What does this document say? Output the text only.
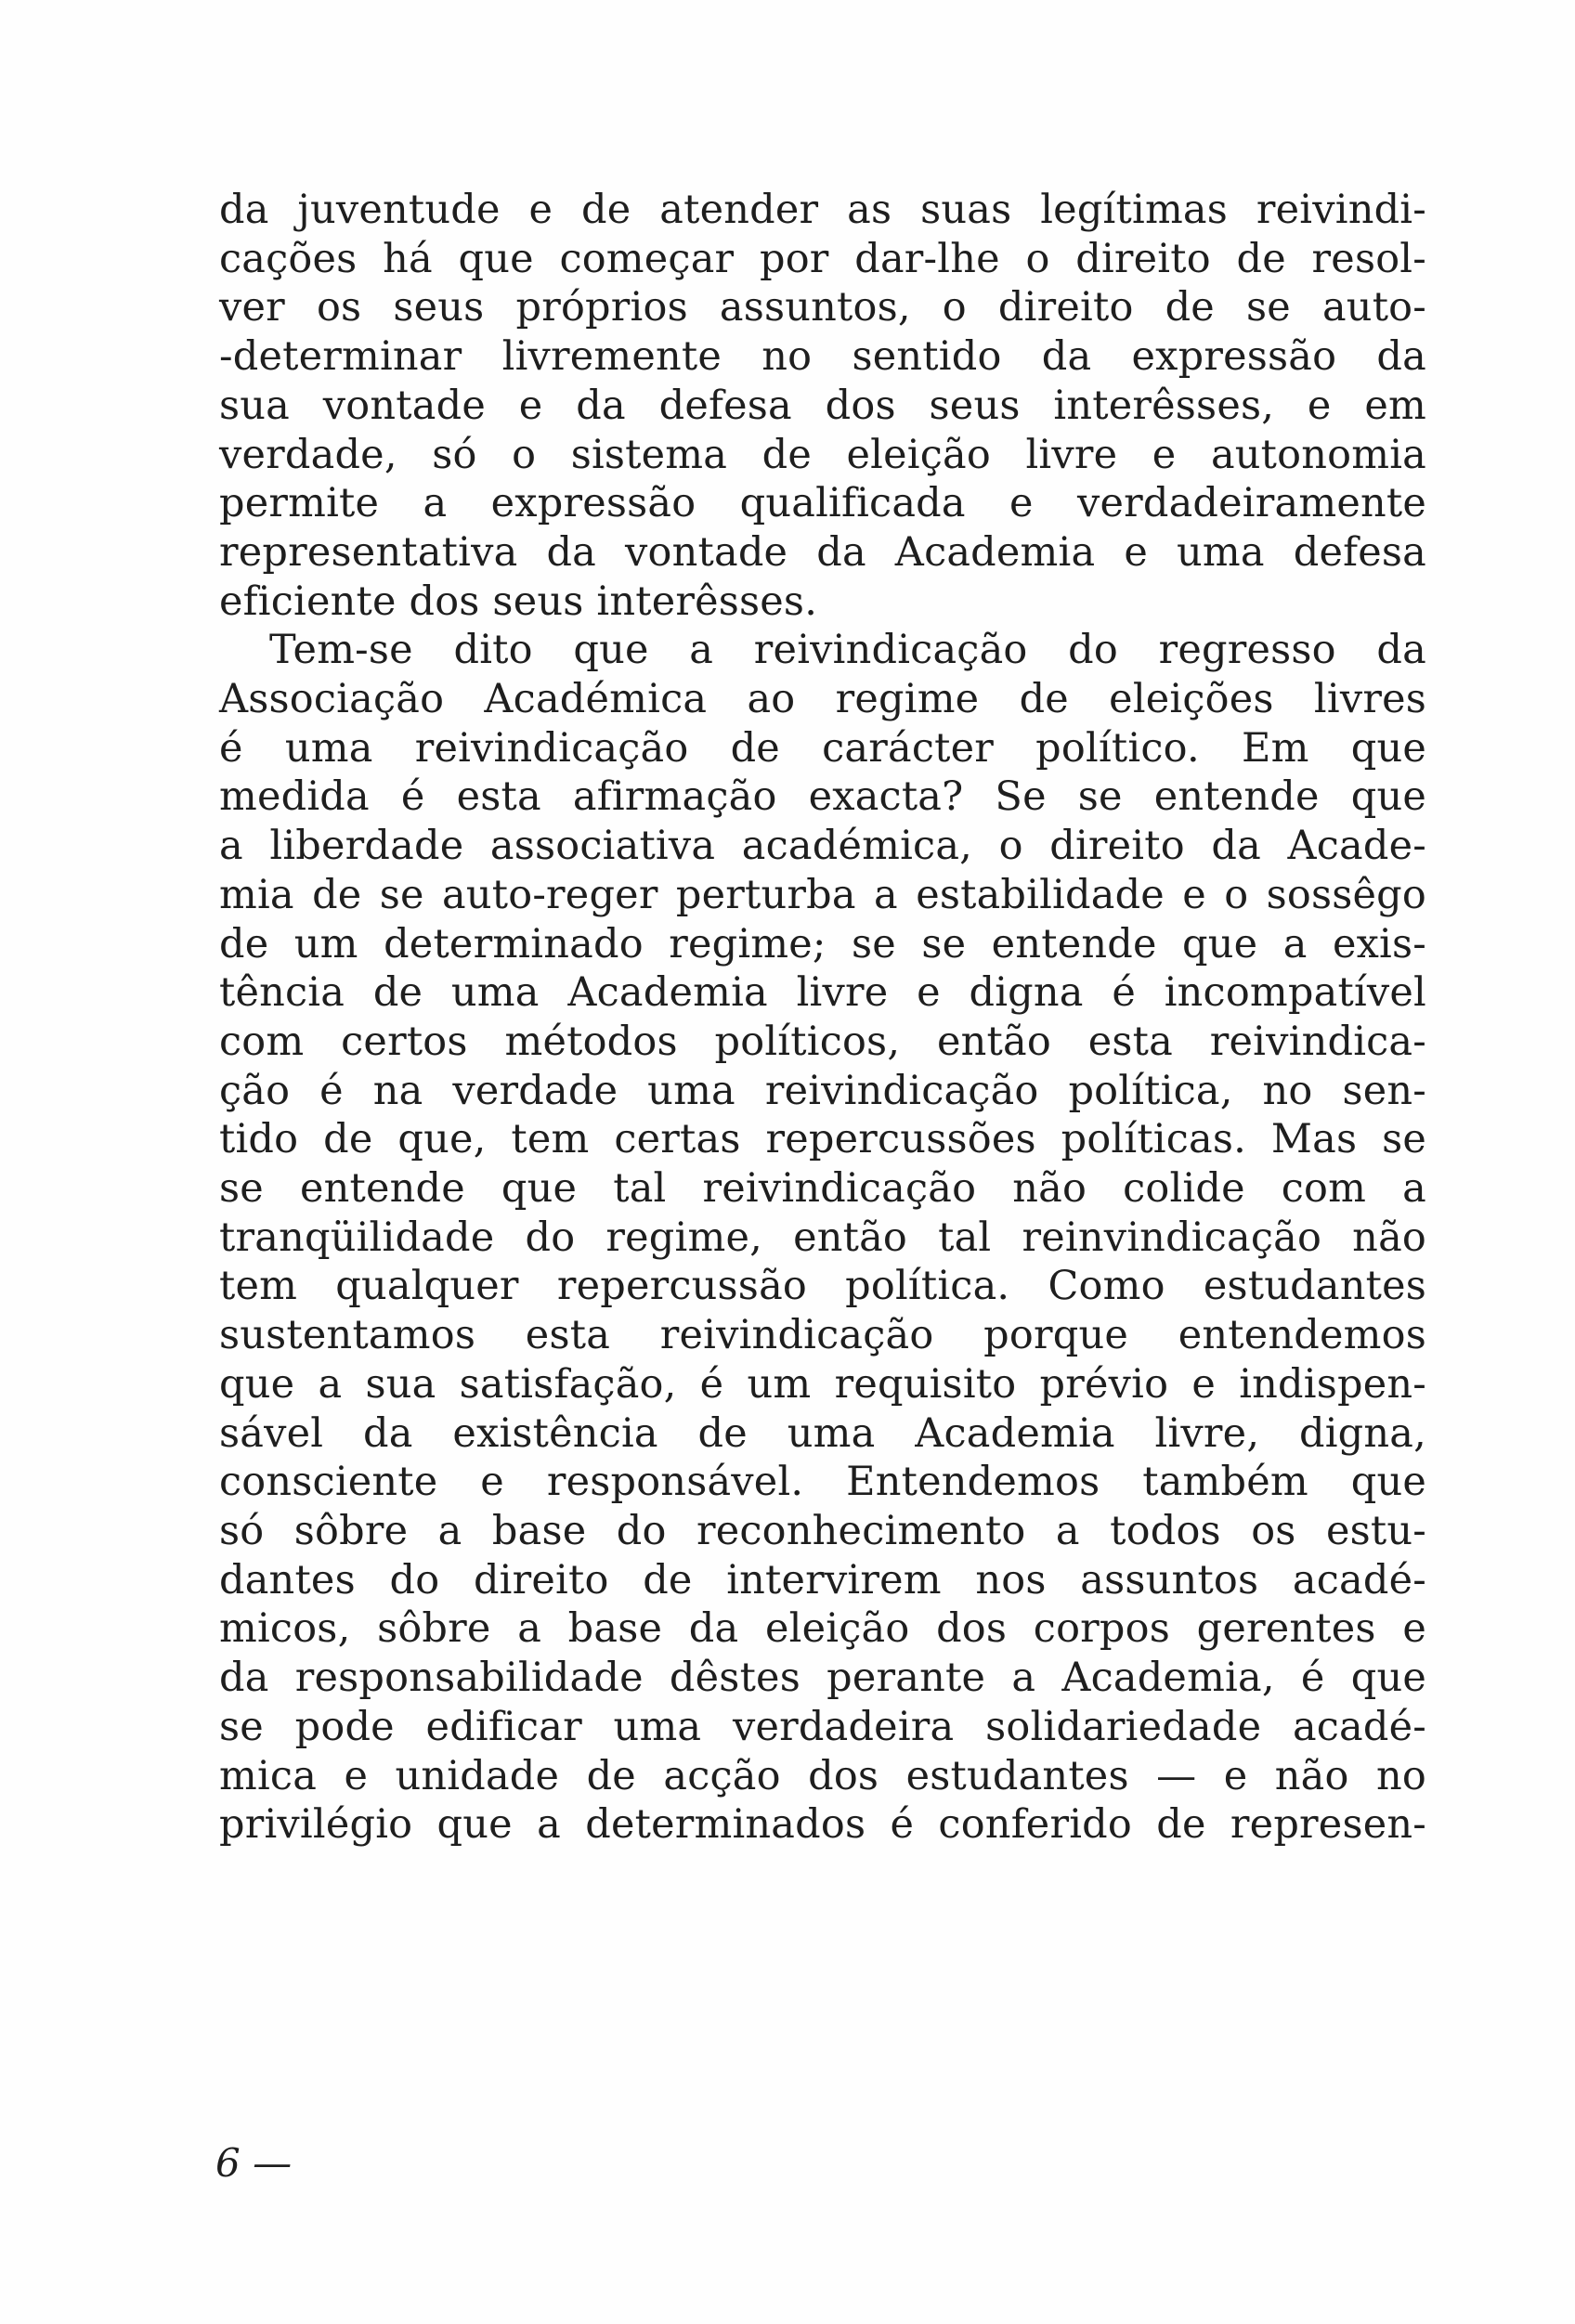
da juventude e de atender as suas legítimas reivindi-
cações há que começar por dar-lhe o direito de resol-
ver os seus próprios assuntos, o direito de se auto-
-determinar livremente no sentido da expressão da
sua vontade e da defesa dos seus interêsses, e em
verdade, só o sistema de eleição livre e autonomia
permite a expressão qualificada e verdadeiramente
representativa da vontade da Academia e uma defesa
eficiente dos seus interêsses.
Tem-se dito que a reivindicação do regresso da
Associação Académica ao regime de eleições livres
é uma reivindicação de carácter político. Em que
medida é esta afirmação exacta? Se se entende que
a liberdade associativa académica, o direito da Acade-
mia de se auto-reger perturba a estabilidade e o sossêgo
de um determinado regime; se se entende que a exis-
tência de uma Academia livre e digna é incompatível
com certos métodos políticos, então esta reivindica-
ção é na verdade uma reivindicação política, no sen-
tido de que, tem certas repercussões políticas. Mas se
se entende que tal reivindicação não colide com a
tranqüilidade do regime, então tal reinvindicação não
tem qualquer repercussão política. Como estudantes
sustentamos esta reivindicação porque entendemos
que a sua satisfação, é um requisito prévio e indispen-
sável da existência de uma Academia livre, digna,
consciente e responsável. Entendemos também que
só sôbre a base do reconhecimento a todos os estu-
dantes do direito de intervirem nos assuntos acadé-
micos, sôbre a base da eleição dos corpos gerentes e
da responsabilidade dêstes perante a Academia, é que
se pode edificar uma verdadeira solidariedade acadé-
mica e unidade de acção dos estudantes — e não no
privilégio que a determinados é conferido de represen-
6 —
